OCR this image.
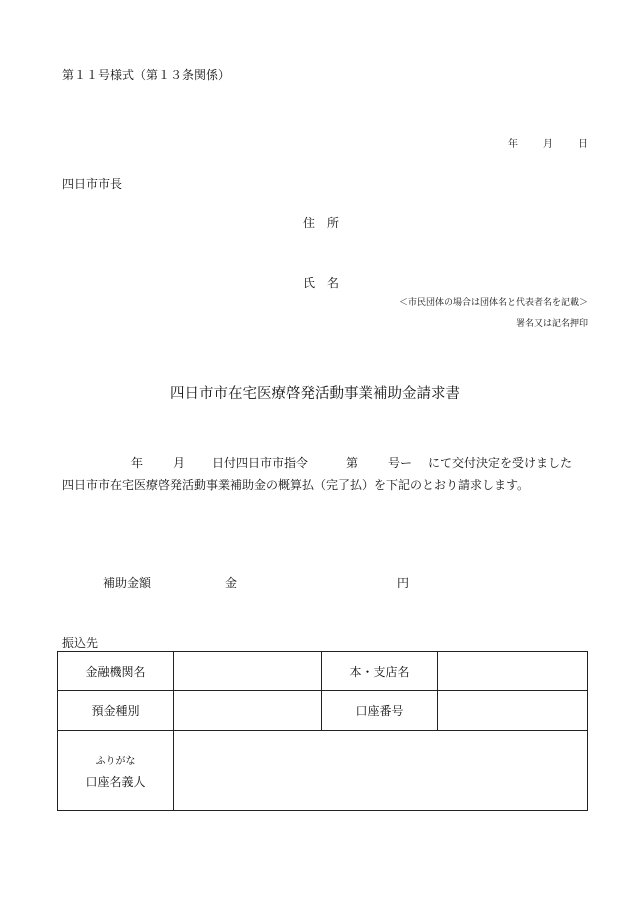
第１１号様式（第１３条関係）
年	月	日
四日市市長
住　所
氏　名
＜市民団体の場合は団体名と代表者名を記載＞
署名又は記名押印
四日市市在宅医療啓発活動事業補助金請求書
年 月 日付四日市市指令	第 号ー にて交付決定を受けました
四日市市在宅医療啓発活動事業補助金の概算払（完了払）を下記のとおり請求します。
補助金額	金	円
振込先
金融機関名		本・支店名	
預金種別		口座番号	

ふりがな
口座名義人			
